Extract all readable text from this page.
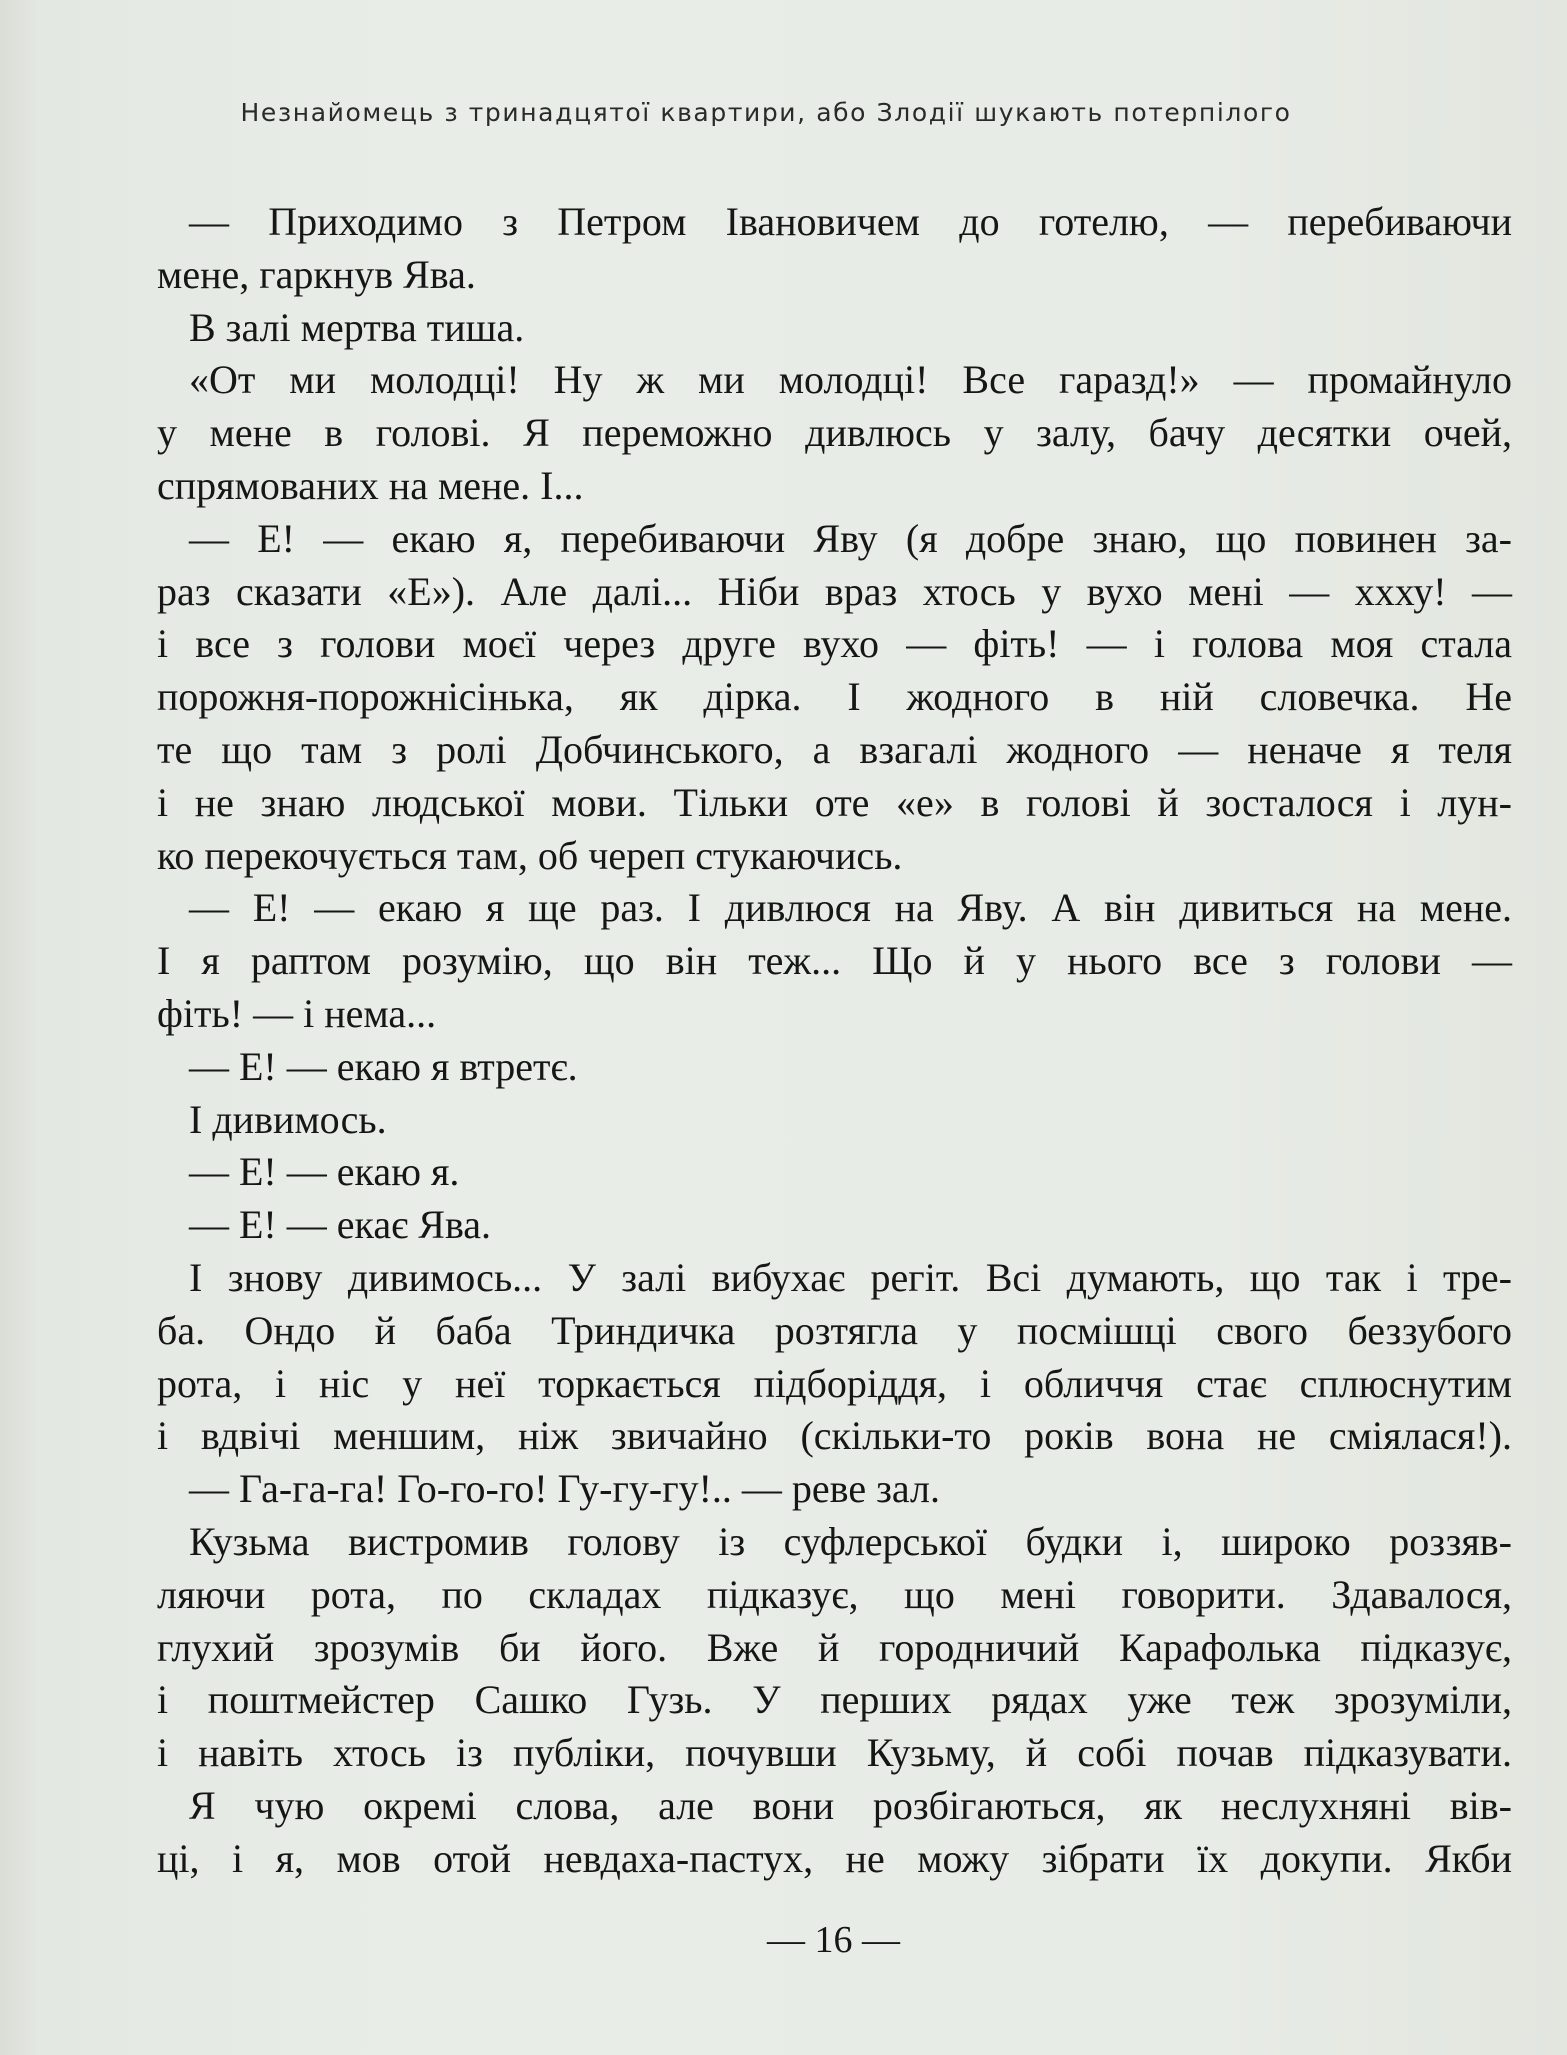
Незнайомець з тринадцятої квартири, або Злодії шукають потерпілого
— Приходимо з Петром Івановичем до готелю, — перебиваючи
мене, гаркнув Ява.
В залі мертва тиша.
«От ми молодці! Ну ж ми молодці! Все гаразд!» — промайнуло
у мене в голові. Я переможно дивлюсь у залу, бачу десятки очей,
спрямованих на мене. І...
— Е! — екаю я, перебиваючи Яву (я добре знаю, що повинен за-
раз сказати «Е»). Але далі... Ніби враз хтось у вухо мені — ххху! —
і все з голови моєї через друге вухо — фіть! — і голова моя стала
порожня-порожнісінька, як дірка. І жодного в ній словечка. Не
те що там з ролі Добчинського, а взагалі жодного — неначе я теля
і не знаю людської мови. Тільки оте «е» в голові й зосталося і лун-
ко перекочується там, об череп стукаючись.
— Е! — екаю я ще раз. І дивлюся на Яву. А він дивиться на мене.
І я раптом розумію, що він теж... Що й у нього все з голови —
фіть! — і нема...
— Е! — екаю я втретє.
І дивимось.
— Е! — екаю я.
— Е! — екає Ява.
І знову дивимось... У залі вибухає регіт. Всі думають, що так і тре-
ба. Ондо й баба Триндичка розтягла у посмішці свого беззубого
рота, і ніс у неї торкається підборіддя, і обличчя стає сплюснутим
і вдвічі меншим, ніж звичайно (скільки-то років вона не сміялася!).
— Га-га-га! Го-го-го! Гу-гу-гу!.. — реве зал.
Кузьма вистромив голову із суфлерської будки і, широко роззяв-
ляючи рота, по складах підказує, що мені говорити. Здавалося,
глухий зрозумів би його. Вже й городничий Карафолька підказує,
і поштмейстер Сашко Гузь. У перших рядах уже теж зрозуміли,
і навіть хтось із публіки, почувши Кузьму, й собі почав підказувати.
Я чую окремі слова, але вони розбігаються, як неслухняні вів-
ці, і я, мов отой невдаха-пастух, не можу зібрати їх докупи. Якби
— 16 —
